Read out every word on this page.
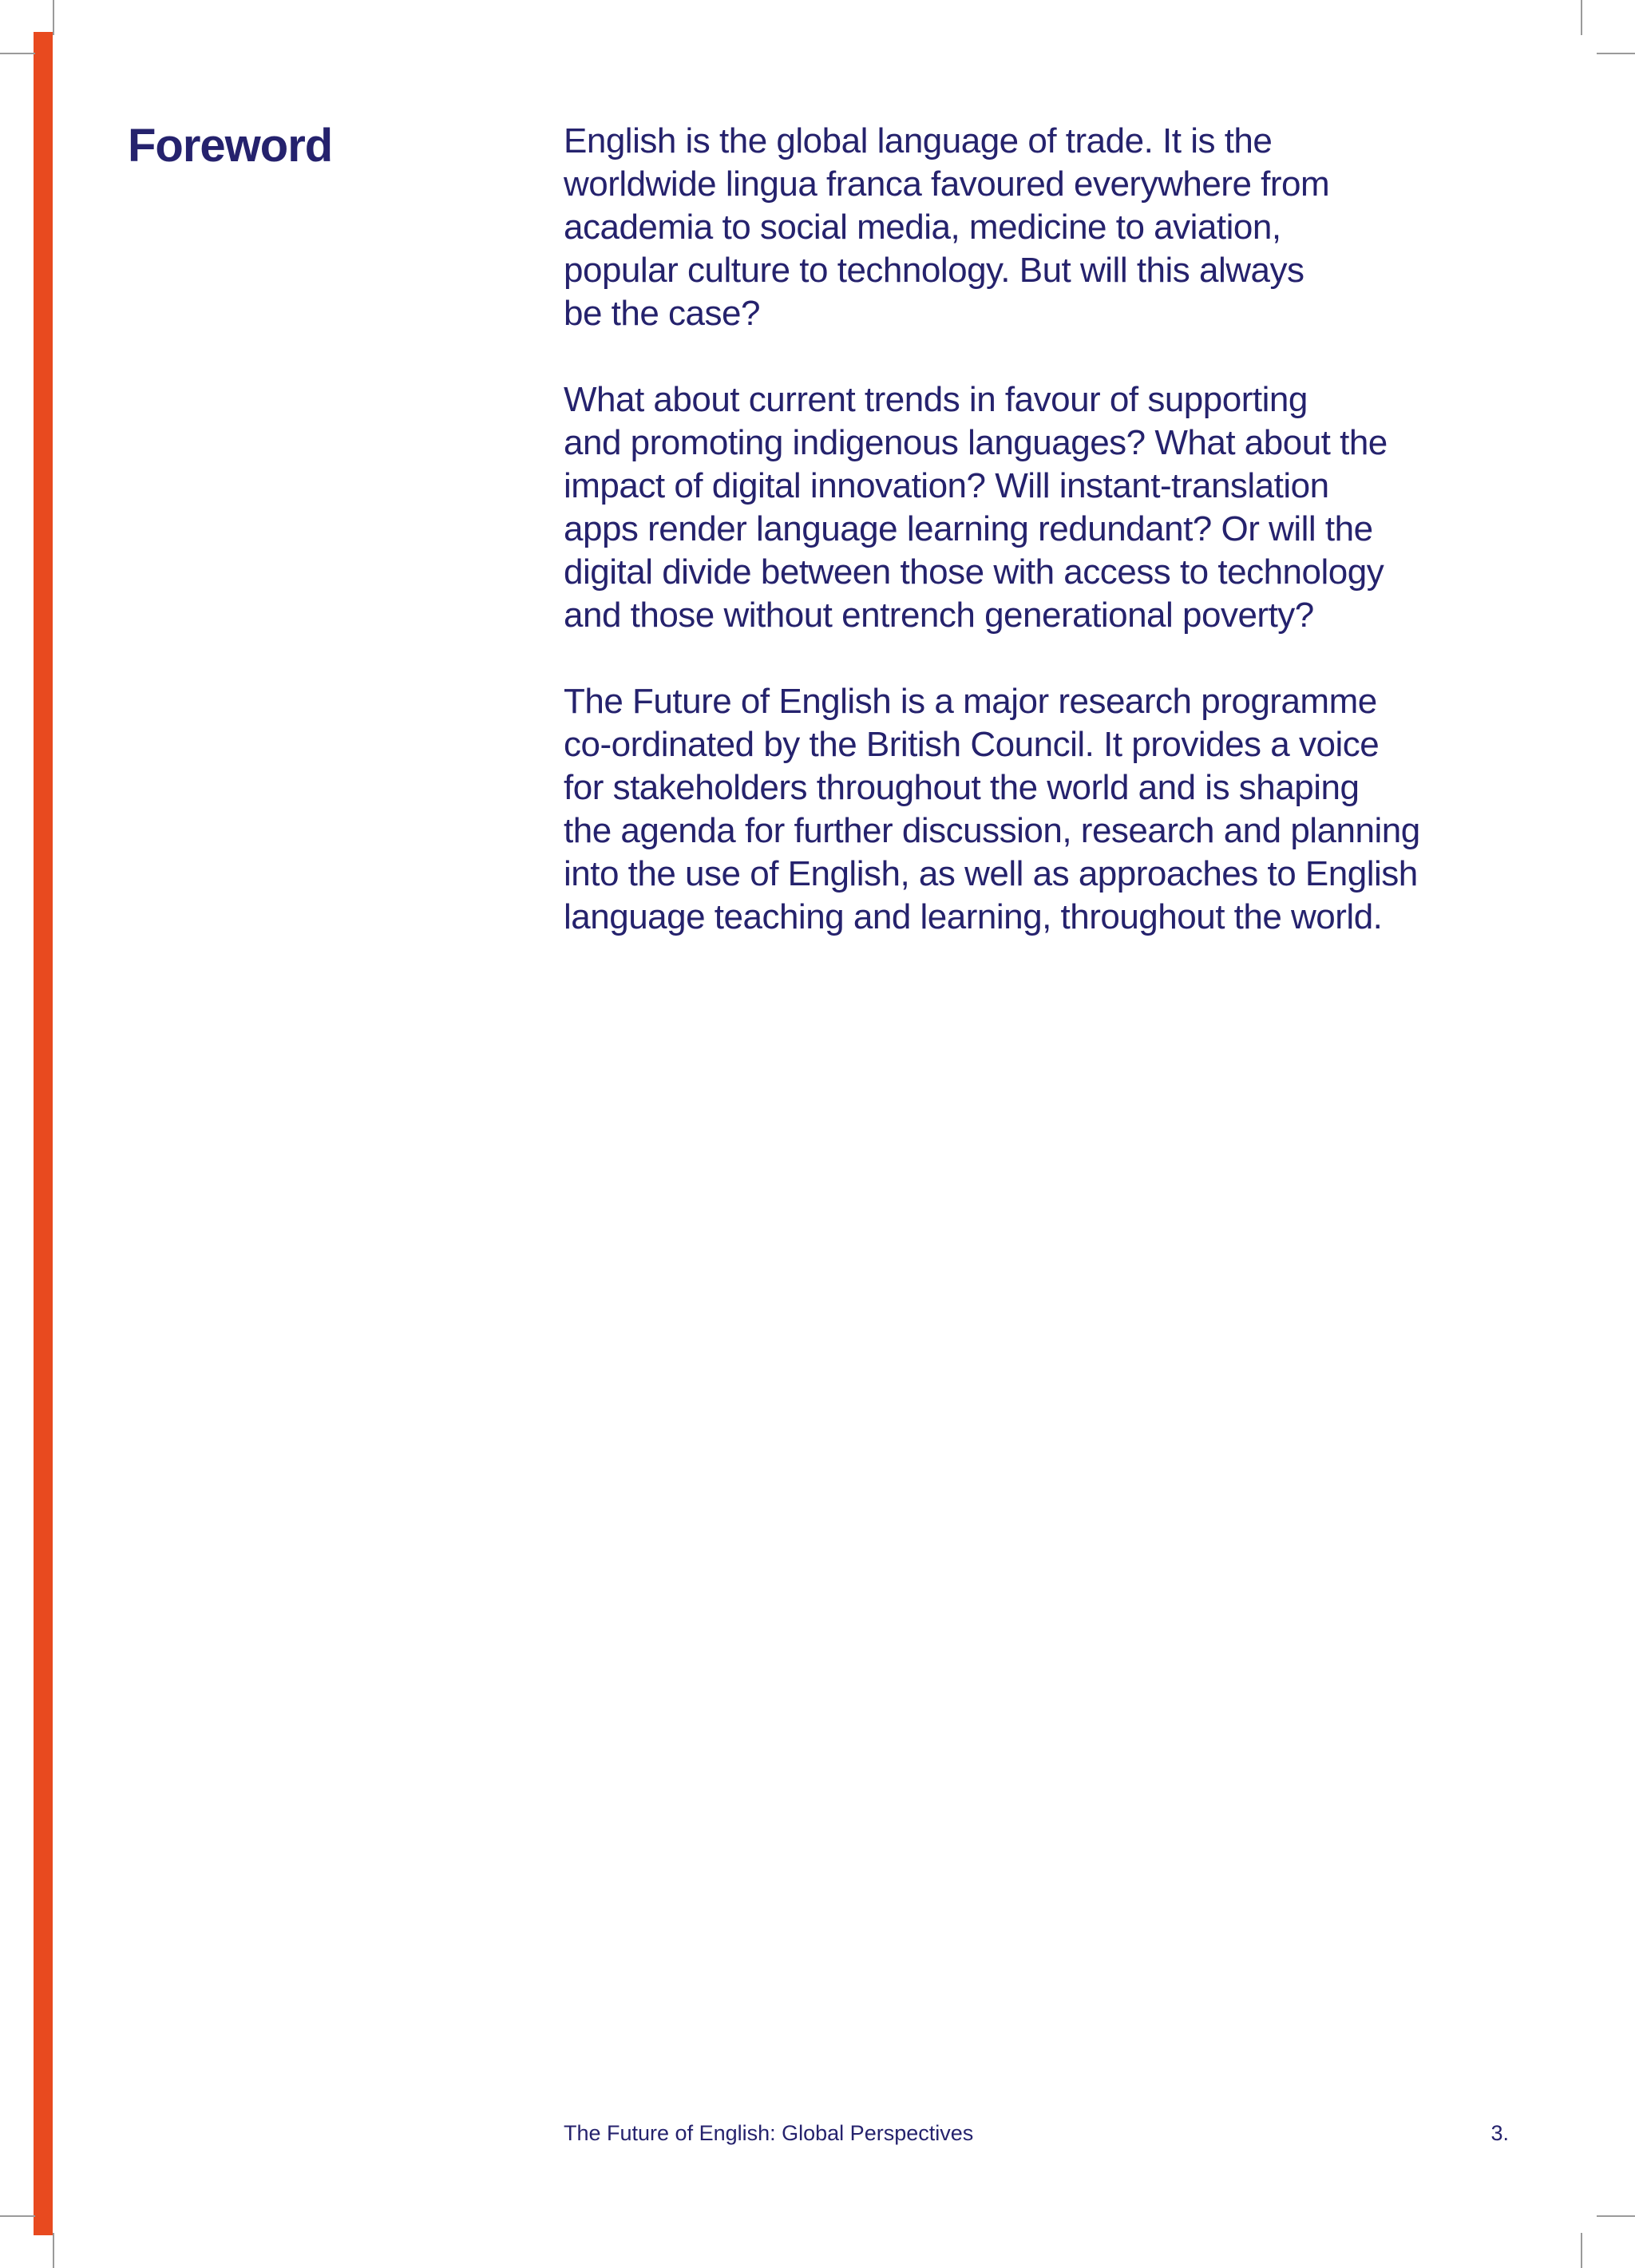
Foreword	English is the global language of trade. It is the
worldwide lingua franca favoured everywhere from
academia to social media, medicine to aviation,
popular culture to technology. But will this always
be the case?

What about current trends in favour of supporting
and promoting indigenous languages? What about the
impact of digital innovation? Will instant-translation
apps render language learning redundant? Or will the
digital divide between those with access to technology
and those without entrench generational poverty?

The Future of English is a major research programme
co-ordinated by the British Council. It provides a voice
for stakeholders throughout the world and is shaping
the agenda for further discussion, research and planning
into the use of English, as well as approaches to English
language teaching and learning, throughout the world.

The Future of English: Global Perspectives	3.
